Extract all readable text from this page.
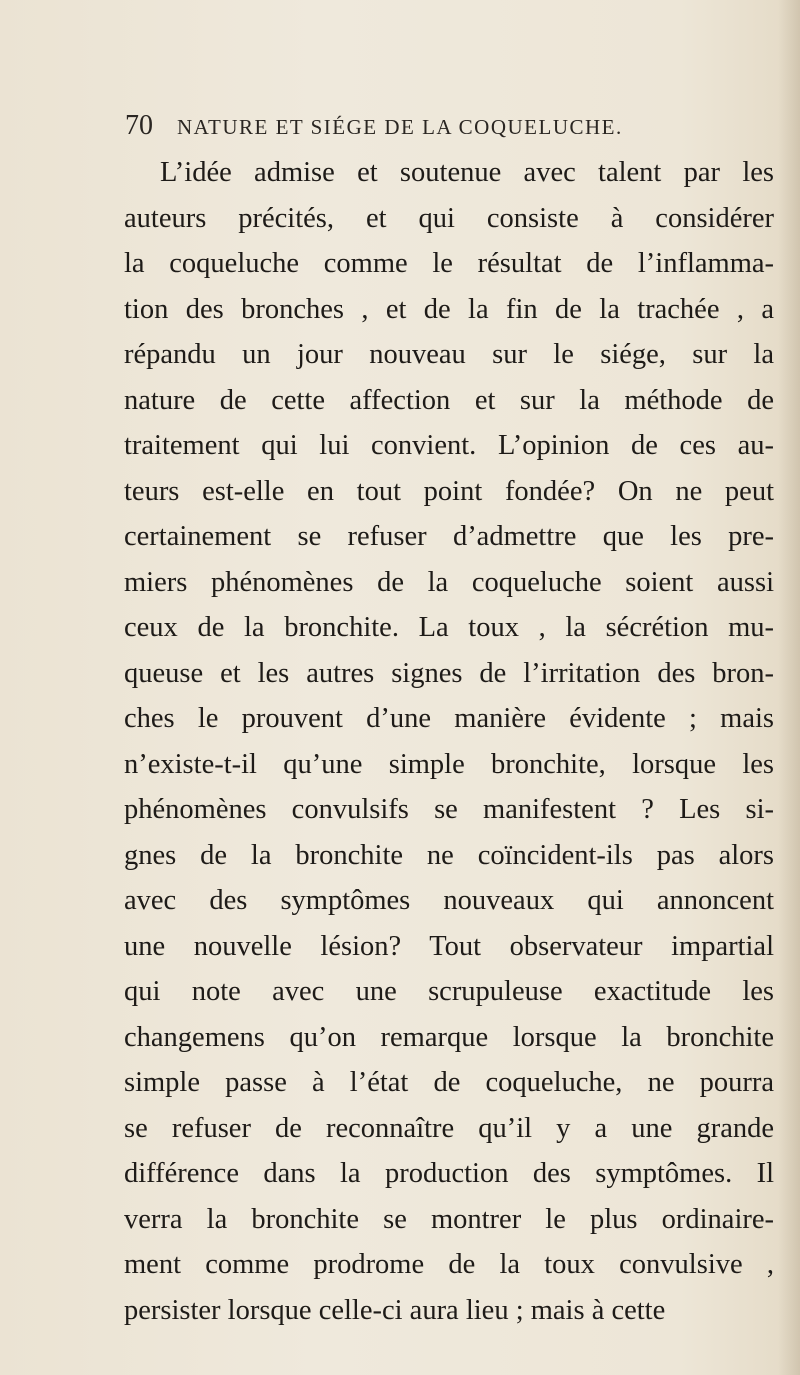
70 NATURE ET SIÉGE DE LA COQUELUCHE.
L’idée admise et soutenue avec talent par les
auteurs précités, et qui consiste à considérer
la coqueluche comme le résultat de l’inflamma-
tion des bronches , et de la fin de la trachée , a
répandu un jour nouveau sur le siége, sur la
nature de cette affection et sur la méthode de
traitement qui lui convient. L’opinion de ces au-
teurs est-elle en tout point fondée? On ne peut
certainement se refuser d’admettre que les pre-
miers phénomènes de la coqueluche soient aussi
ceux de la bronchite. La toux , la sécrétion mu-
queuse et les autres signes de l’irritation des bron-
ches le prouvent d’une manière évidente ; mais
n’existe-t-il qu’une simple bronchite, lorsque les
phénomènes convulsifs se manifestent ? Les si-
gnes de la bronchite ne coïncident-ils pas alors
avec des symptômes nouveaux qui annoncent
une nouvelle lésion? Tout observateur impartial
qui note avec une scrupuleuse exactitude les
changemens qu’on remarque lorsque la bronchite
simple passe à l’état de coqueluche, ne pourra
se refuser de reconnaître qu’il y a une grande
différence dans la production des symptômes. Il
verra la bronchite se montrer le plus ordinaire-
ment comme prodrome de la toux convulsive ,
persister lorsque celle-ci aura lieu ; mais à cette
